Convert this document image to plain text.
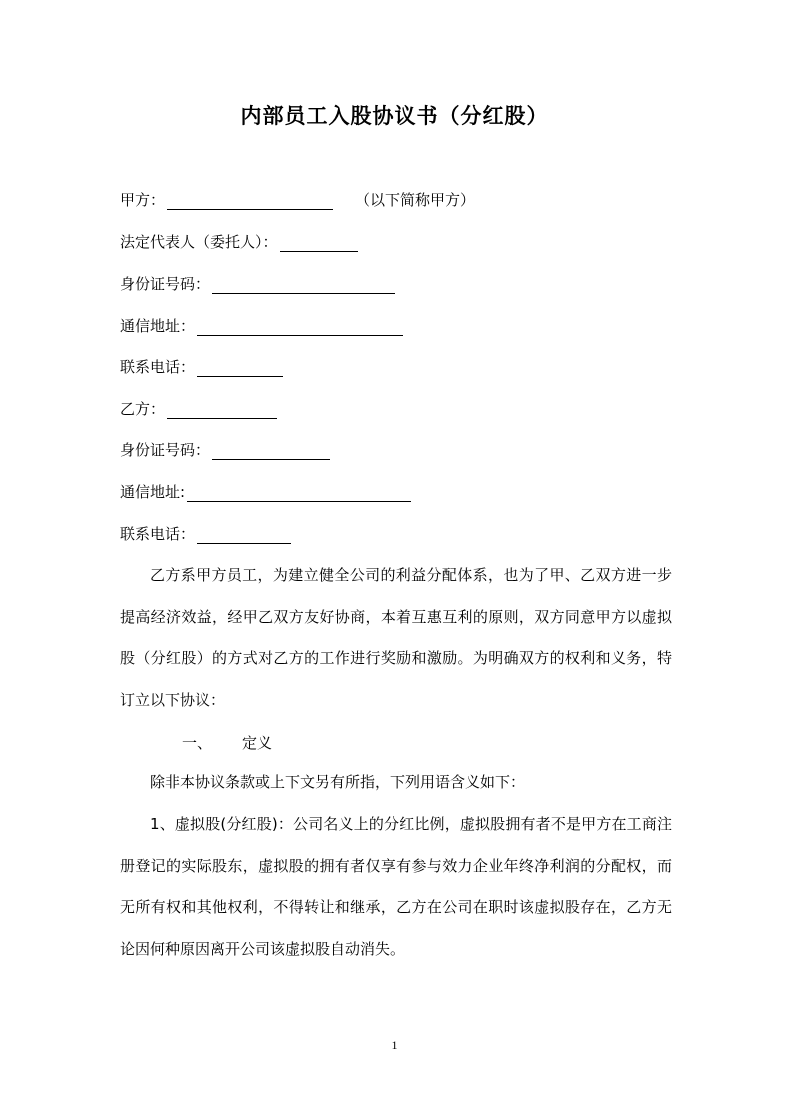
内部员工入股协议书（分红股）
甲方：	（以下简称甲方）
法定代表人（委托人）：
身份证号码：
通信地址：
联系电话：
乙方：
身份证号码：
通信地址:
联系电话：
乙方系甲方员工，为建立健全公司的利益分配体系，也为了甲、乙双方进一步提高经济效益，经甲乙双方友好协商，本着互惠互利的原则，双方同意甲方以虚拟股（分红股）的方式对乙方的工作进行奖励和激励。为明确双方的权利和义务，特订立以下协议：
一、 定义
除非本协议条款或上下文另有所指，下列用语含义如下：
1、虚拟股(分红股)：公司名义上的分红比例，虚拟股拥有者不是甲方在工商注册登记的实际股东，虚拟股的拥有者仅享有参与效力企业年终净利润的分配权，而无所有权和其他权利，不得转让和继承，乙方在公司在职时该虚拟股存在，乙方无论因何种原因离开公司该虚拟股自动消失。
1
